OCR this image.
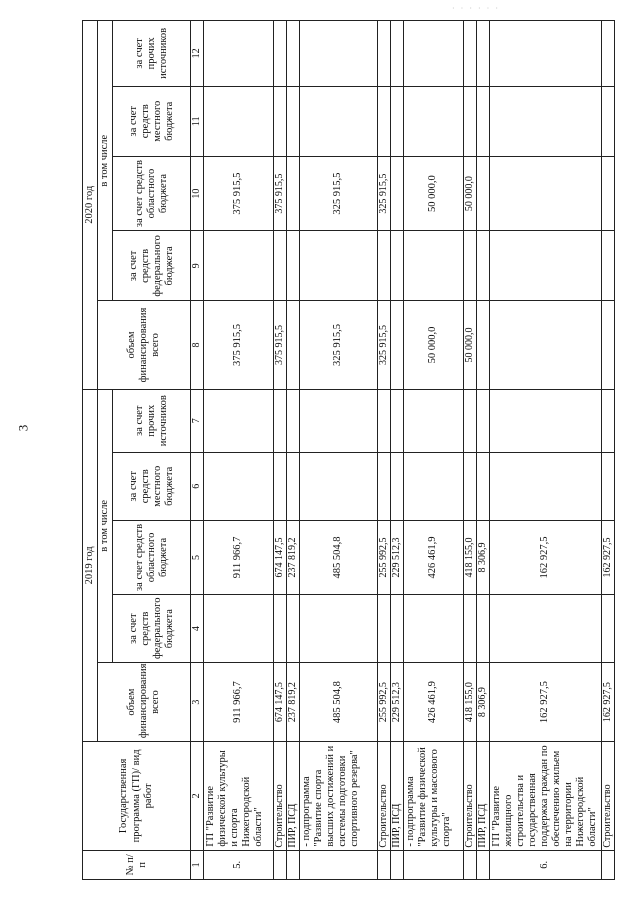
· · · · · ·
3
№ п/п	Государственная программа (ГП)/ вид работ	2019 год					2020 год				
		объем финансирования всего	в том числе				объем финансирования всего	в том числе			
			за счет средств федерального бюджета	за счет средств областного бюджета	за счет средств местного бюджета	за счет прочих источников		за счет средств федерального бюджета	за счет средств областного бюджета	за счет средств местного бюджета	за счет прочих источников
1	2	3	4	5	6	7	8	9	10	11	12
5.	ГП "Развитие физической культуры и спорта Нижегородской области"	911 966,7		911 966,7			375 915,5		375 915,5		
	Строительство	674 147,5		674 147,5			375 915,5		375 915,5		
	ПИР, ПСД	237 819,2		237 819,2							
	- подпрограмма "Развитие спорта высших достижений и системы подготовки спортивного резерва"	485 504,8		485 504,8			325 915,5		325 915,5		
	Строительство	255 992,5		255 992,5			325 915,5		325 915,5		
	ПИР, ПСД	229 512,3		229 512,3							
	- подпрограмма "Развитие физической культуры и массового спорта"	426 461,9		426 461,9			50 000,0		50 000,0		
	Строительство	418 155,0		418 155,0			50 000,0		50 000,0		
	ПИР, ПСД	8 306,9		8 306,9							
6.	ГП "Развитие жилищного строительства и государственная поддержка граждан по обеспечению жильем на территории Нижегородской области"	162 927,5		162 927,5							
	Строительство	162 927,5		162 927,5							
